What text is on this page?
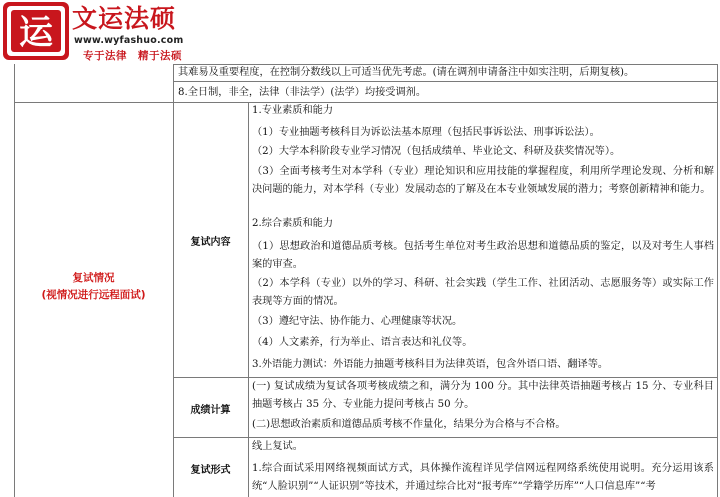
运 文运法硕
www.wyfashuo.com
专于法律　精于法硕
其难易及重要程度，在控制分数线以上可适当优先考虑。(请在调剂申请备注中如实注明，后期复核)。
8.全日制，非全，法律（非法学）(法学）均接受调剂。
复试情况
(视情况进行远程面试)
复试内容
成绩计算
复试形式
1.专业素质和能力
（1）专业抽题考核科目为诉讼法基本原理（包括民事诉讼法、刑事诉讼法）。
（2）大学本科阶段专业学习情况（包括成绩单、毕业论文、科研及获奖情况等）。
（3）全面考核考生对本学科（专业）理论知识和应用技能的掌握程度，利用所学理论发现、分析和解决问题的能力，对本学科（专业）发展动态的了解及在本专业领域发展的潜力；考察创新精神和能力。
2.综合素质和能力
（1）思想政治和道德品质考核。包括考生单位对考生政治思想和道德品质的鉴定，以及对考生人事档案的审查。
（2）本学科（专业）以外的学习、科研、社会实践（学生工作、社团活动、志愿服务等）或实际工作表现等方面的情况。
（3）遵纪守法、协作能力、心理健康等状况。
（4）人文素养，行为举止、语言表达和礼仪等。
3.外语能力测试：外语能力抽题考核科目为法律英语，包含外语口语、翻译等。
(一) 复试成绩为复试各项考核成绩之和，满分为 100 分。其中法律英语抽题考核占 15 分、专业科目抽题考核占 35 分、专业能力提问考核占 50 分。
(二)思想政治素质和道德品质考核不作量化，结果分为合格与不合格。
线上复试。
1.综合面试采用网络视频面试方式，具体操作流程详见学信网远程网络系统使用说明。充分运用该系统“人脸识别”“人证识别”等技术，并通过综合比对“报考库”“学籍学历库”“人口信息库”“考
